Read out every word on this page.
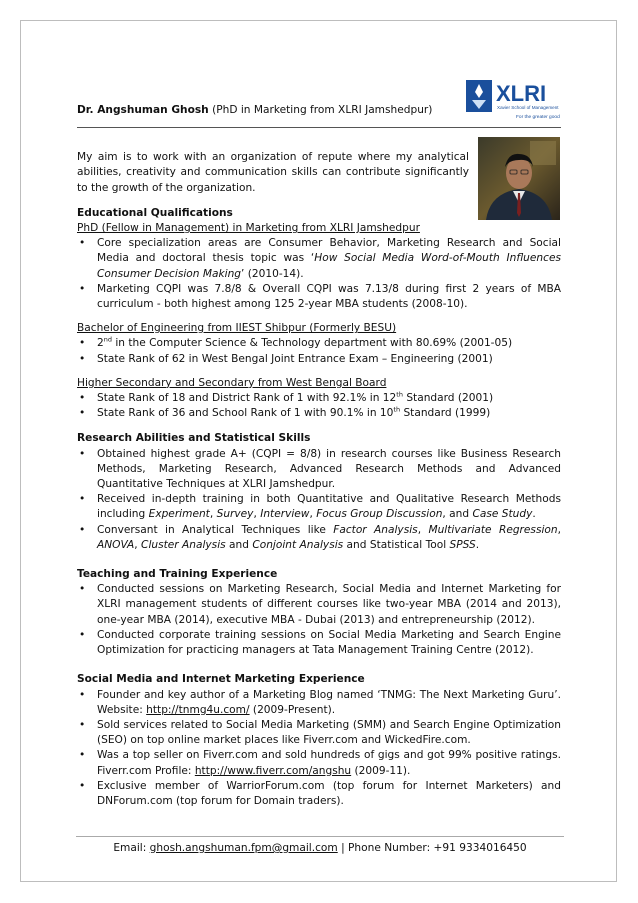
XLRI
Xavier School of Management
For the greater good
Dr. Angshuman Ghosh (PhD in Marketing from XLRI Jamshedpur)
My aim is to work with an organization of repute where my analytical abilities, creativity and communication skills can contribute significantly to the growth of the organization.
Educational Qualifications
PhD (Fellow in Management) in Marketing from XLRI Jamshedpur
• Core specialization areas are Consumer Behavior, Marketing Research and Social Media and doctoral thesis topic was ‘How Social Media Word-of-Mouth Influences Consumer Decision Making’ (2010-14).
• Marketing CQPI was 7.8/8 & Overall CQPI was 7.13/8 during first 2 years of MBA curriculum - both highest among 125 2-year MBA students (2008-10).
Bachelor of Engineering from IIEST Shibpur (Formerly BESU)
• 2nd in the Computer Science & Technology department with 80.69% (2001-05)
• State Rank of 62 in West Bengal Joint Entrance Exam – Engineering (2001)
Higher Secondary and Secondary from West Bengal Board
• State Rank of 18 and District Rank of 1 with 92.1% in 12th Standard (2001)
• State Rank of 36 and School Rank of 1 with 90.1% in 10th Standard (1999)
Research Abilities and Statistical Skills
• Obtained highest grade A+ (CQPI = 8/8) in research courses like Business Research Methods, Marketing Research, Advanced Research Methods and Advanced Quantitative Techniques at XLRI Jamshedpur.
• Received in-depth training in both Quantitative and Qualitative Research Methods including Experiment, Survey, Interview, Focus Group Discussion, and Case Study.
• Conversant in Analytical Techniques like Factor Analysis, Multivariate Regression, ANOVA, Cluster Analysis and Conjoint Analysis and Statistical Tool SPSS.
Teaching and Training Experience
• Conducted sessions on Marketing Research, Social Media and Internet Marketing for XLRI management students of different courses like two-year MBA (2014 and 2013), one-year MBA (2014), executive MBA - Dubai (2013) and entrepreneurship (2012).
• Conducted corporate training sessions on Social Media Marketing and Search Engine Optimization for practicing managers at Tata Management Training Centre (2012).
Social Media and Internet Marketing Experience
• Founder and key author of a Marketing Blog named ‘TNMG: The Next Marketing Guru’. Website: http://tnmg4u.com/ (2009-Present).
• Sold services related to Social Media Marketing (SMM) and Search Engine Optimization (SEO) on top online market places like Fiverr.com and WickedFire.com.
• Was a top seller on Fiverr.com and sold hundreds of gigs and got 99% positive ratings. Fiverr.com Profile: http://www.fiverr.com/angshu (2009-11).
• Exclusive member of WarriorForum.com (top forum for Internet Marketers) and DNForum.com (top forum for Domain traders).
Email: ghosh.angshuman.fpm@gmail.com | Phone Number: +91 9334016450
